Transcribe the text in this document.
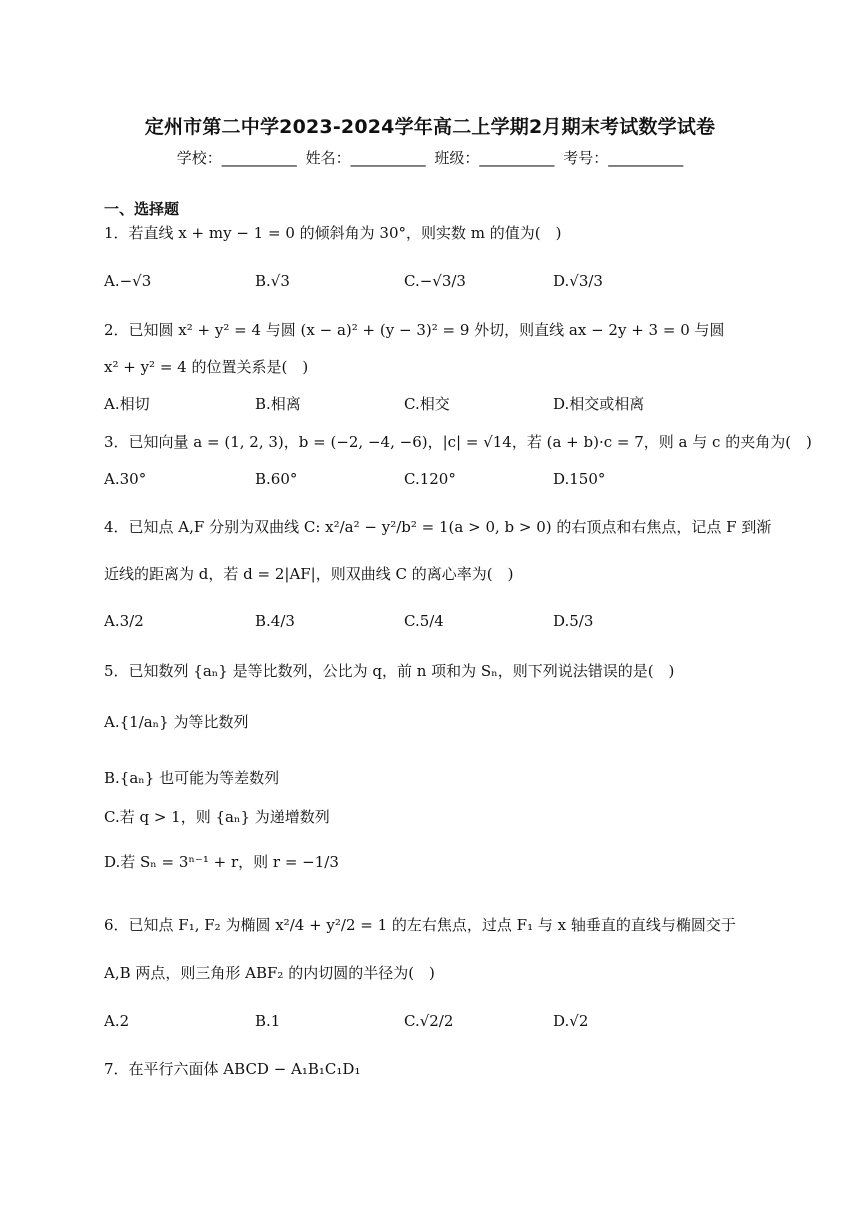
定州市第二中学2023-2024学年高二上学期2月期末考试数学试卷
学校：__________ 姓名：__________ 班级：__________ 考号：__________
一、选择题
1．若直线 x + my − 1 = 0 的倾斜角为 30°，则实数 m 的值为(　)
A.−√3	B.√3	C.−√3/3	D.√3/3
2．已知圆 x² + y² = 4 与圆 (x − a)² + (y − 3)² = 9 外切，则直线 ax − 2y + 3 = 0 与圆
x² + y² = 4 的位置关系是(　)
A.相切	B.相离	C.相交	D.相交或相离
3．已知向量 a = (1, 2, 3)，b = (−2, −4, −6)，|c| = √14，若 (a + b)·c = 7，则 a 与 c 的夹角为(　)
A.30°	B.60°	C.120°	D.150°
4．已知点 A,F 分别为双曲线 C: x²/a² − y²/b² = 1(a > 0, b > 0) 的右顶点和右焦点，记点 F 到渐
近线的距离为 d，若 d = 2|AF|，则双曲线 C 的离心率为(　)
A.3/2	B.4/3	C.5/4	D.5/3
5．已知数列 {aₙ} 是等比数列，公比为 q，前 n 项和为 Sₙ，则下列说法错误的是(　)
A.{1/aₙ} 为等比数列
B.{aₙ} 也可能为等差数列
C.若 q > 1，则 {aₙ} 为递增数列
D.若 Sₙ = 3ⁿ⁻¹ + r，则 r = −1/3
6．已知点 F₁, F₂ 为椭圆 x²/4 + y²/2 = 1 的左右焦点，过点 F₁ 与 x 轴垂直的直线与椭圆交于
A,B 两点，则三角形 ABF₂ 的内切圆的半径为(　)
A.2	B.1	C.√2/2	D.√2
7．在平行六面体 ABCD − A₁B₁C₁D₁
